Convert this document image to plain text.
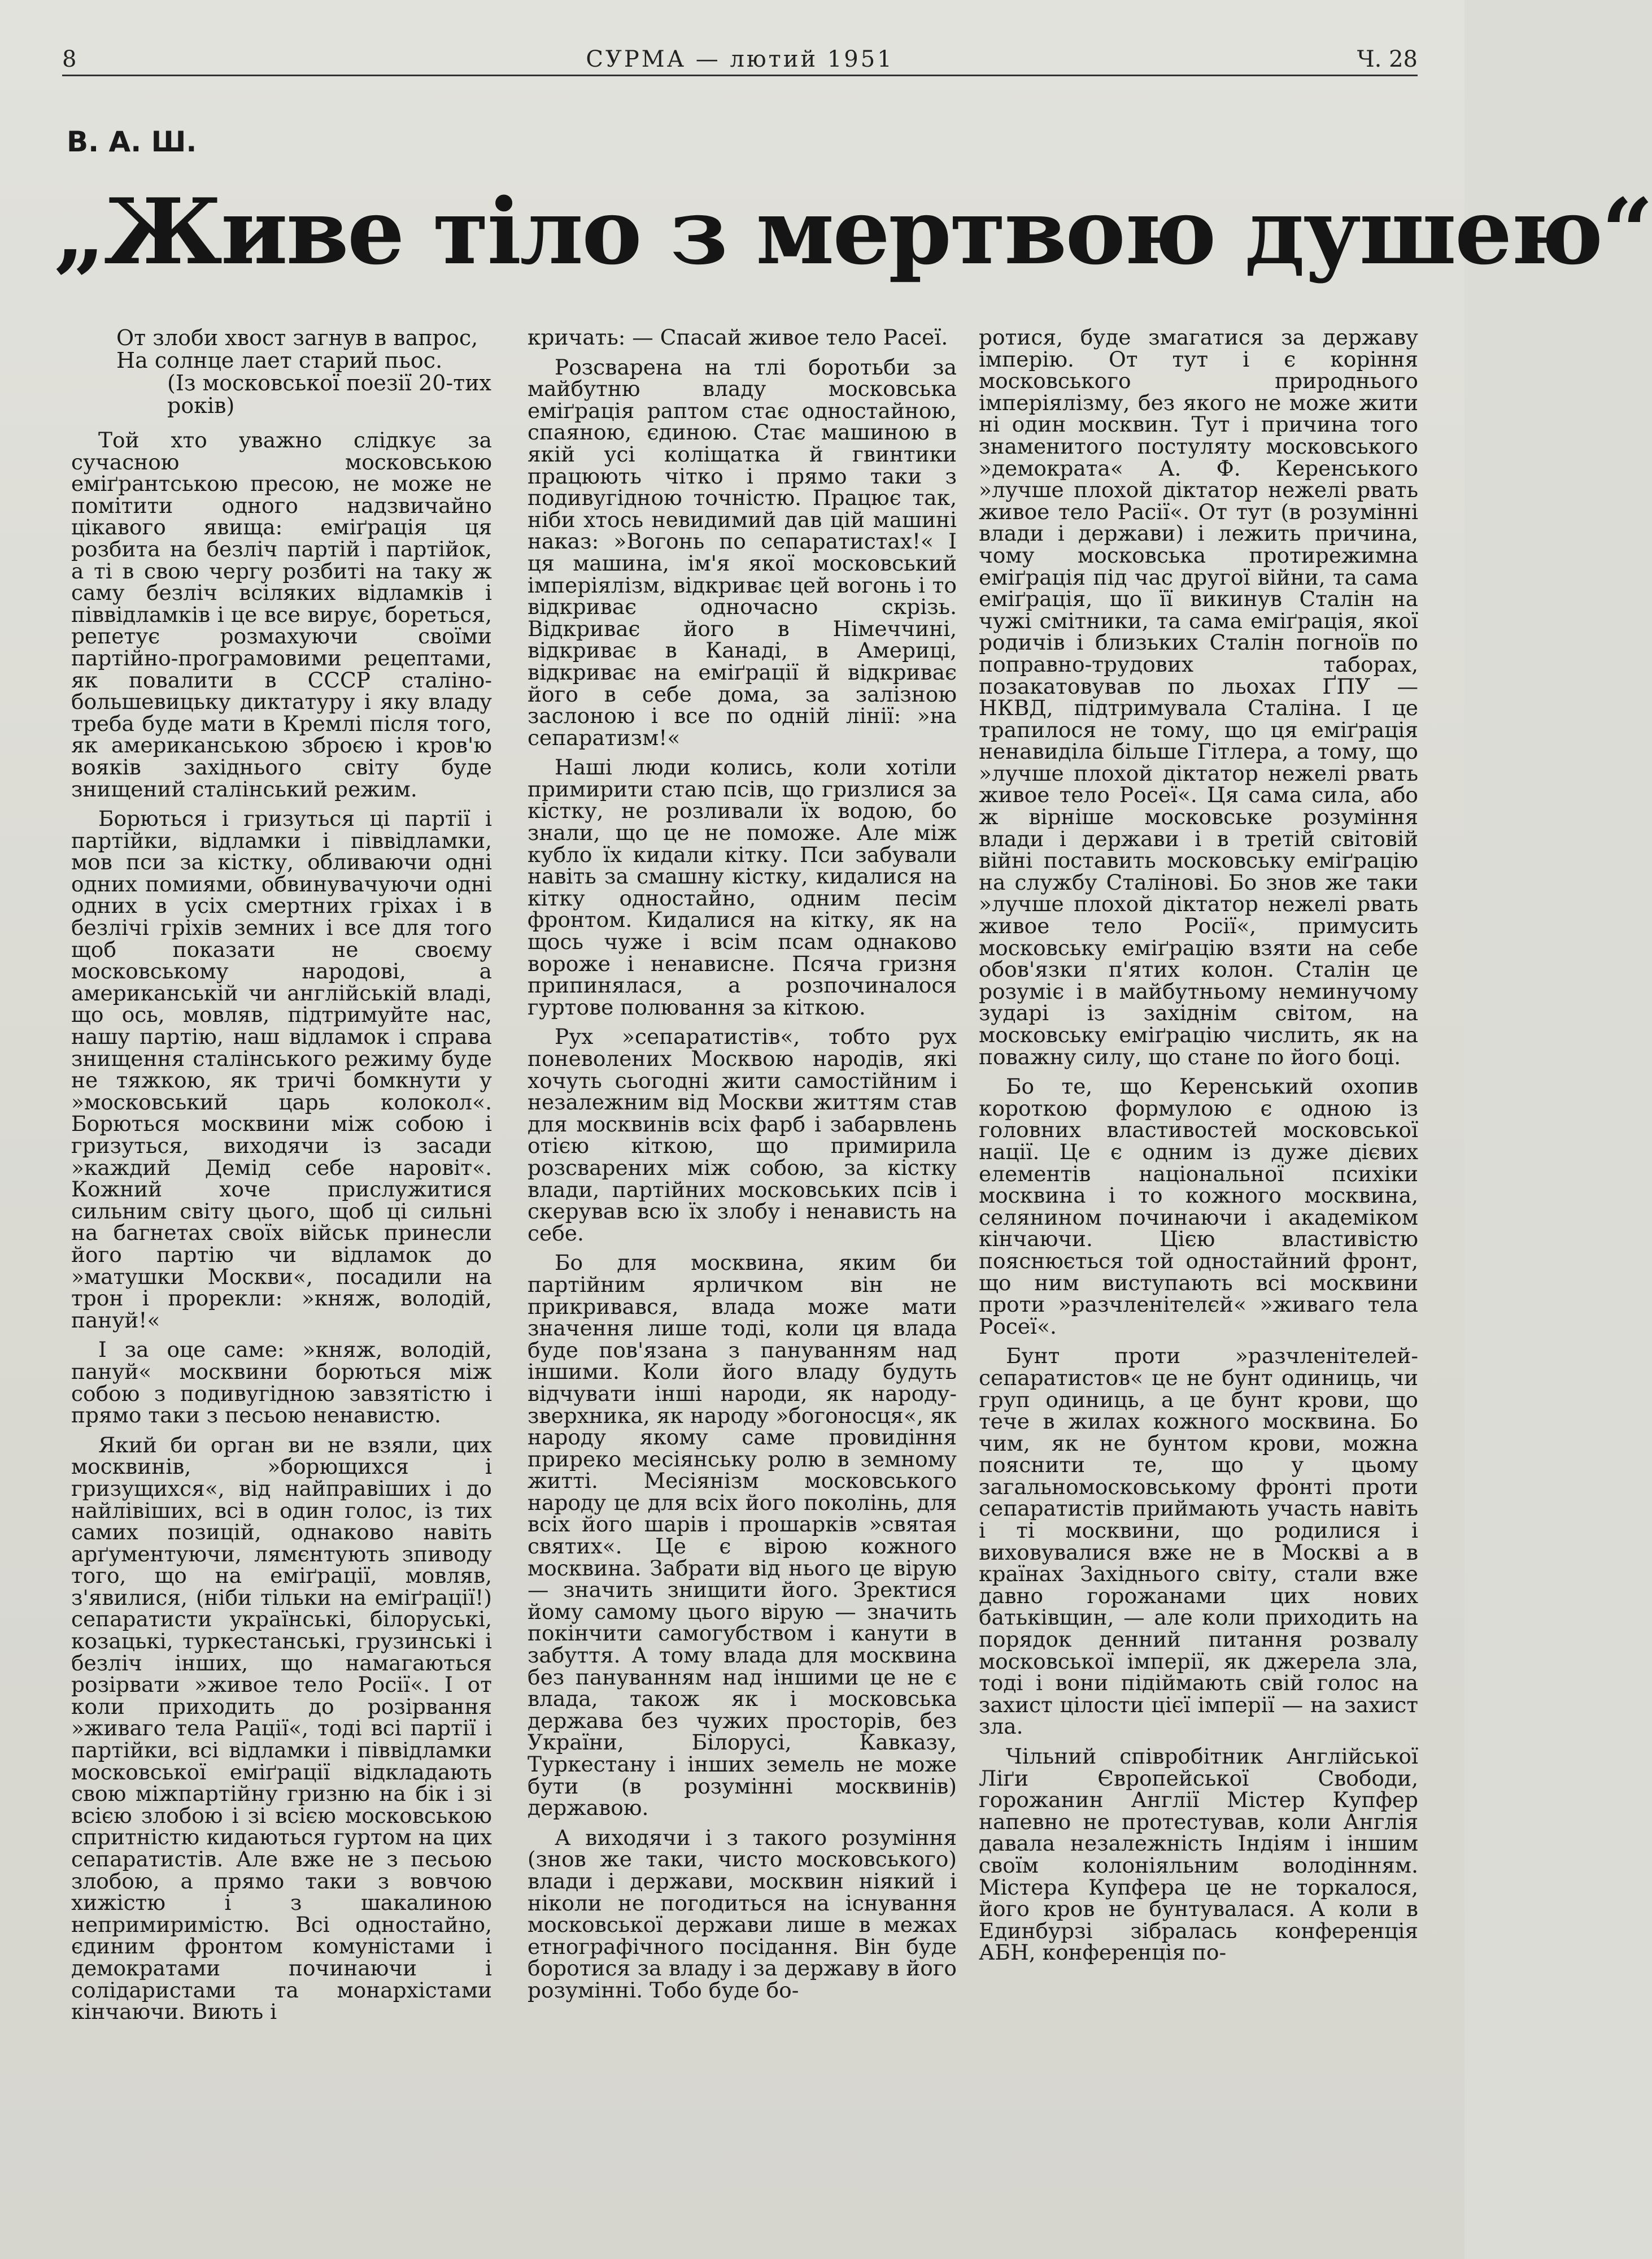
8	СУРМА — лютий 1951	Ч. 28
В. А. Ш.
„Живе тіло з мертвою душею“
От злоби хвост загнув в вапрос,
На солнце лает старий пьос.
(Із московської поезії 20-тих років)

Той хто уважно слідкує за сучасною московською еміґрантською пресою, не може не помітити одного надзвичайно цікавого явища: еміґрація ця розбита на безліч партій і партійок, а ті в свою чергу розбиті на таку ж саму безліч всіляких відламків і піввідламків і це все вирує, бореться, репетує розмахуючи своїми партійно-програмовими рецептами, як повалити в СССР сталіно-большевицьку диктатуру і яку владу треба буде мати в Кремлі після того, як американською зброєю і кров'ю вояків західнього світу буде знищений сталінський режим.

Борються і гризуться ці партії і партійки, відламки і піввідламки, мов пси за кістку, обливаючи одні одних помиями, обвинувачуючи одні одних в усіх смертних гріхах і в безлічі гріхів земних і все для того щоб показати не своєму московському народові, а американській чи англійській владі, що ось, мовляв, підтримуйте нас, нашу партію, наш відламок і справа знищення сталінського режиму буде не тяжкою, як тричі бомкнути у »московський царь колокол«. Борються москвини між собою і гризуться, виходячи із засади »каждий Демід себе наровіт«. Кожний хоче прислужитися сильним світу цього, щоб ці сильні на багнетах своїх військ принесли його партію чи відламок до »матушки Москви«, посадили на трон і прорекли: »княж, володій, пануй!«

І за оце саме: »княж, володій, пануй« москвини борються між собою з подивугідною завзятістю і прямо таки з песьою ненавистю.

Який би орган ви не взяли, цих москвинів, »борющихся і гризущихся«, від найправіших і до найлівіших, всі в один голос, із тих самих позицій, однаково навіть арґументуючи, лямєнтують зпиводу того, що на еміґрації, мовляв, з'явилися, (ніби тільки на еміґрації!) сепаратисти українські, білоруські, козацькі, туркестанські, грузинські і безліч інших, що намагаються розірвати »живое тело Росії«. І от коли приходить до розірвання »живаго тела Рації«, тоді всі партії і партійки, всі відламки і піввідламки московської еміґрації відкладають свою міжпартійну гризню на бік і зі всією злобою і зі всією московською спритністю кидаються гуртом на цих сепаратистів. Але вже не з песьою злобою, а прямо таки з вовчою хижістю і з шакалиною непримиримістю. Всі одностайно, єдиним фронтом комуністами і демократами починаючи і солідаристами та монархістами кінчаючи. Виють і

кричать: — Спасай живое тело Расеї.

Розсварена на тлі боротьби за майбутню владу московська еміґрація раптом стає одностайною, спаяною, єдиною. Стає машиною в якій усі коліщатка й гвинтики працюють чітко і прямо таки з подивугідною точністю. Працює так, ніби хтось невидимий дав цій машині наказ: »Вогонь по сепаратистах!« І ця машина, ім'я якої московський імперіялізм, відкриває цей вогонь і то відкриває одночасно скрізь. Відкриває його в Німеччині, відкриває в Канаді, в Америці, відкриває на еміґрації й відкриває його в себе дома, за залізною заслоною і все по одній лінії: »на сепаратизм!«

Наші люди колись, коли хотіли примирити стаю псів, що гризлися за кістку, не розливали їх водою, бо знали, що це не поможе. Але між кубло їх кидали кітку. Пси забували навіть за смашну кістку, кидалися на кітку одностайно, одним песім фронтом. Кидалися на кітку, як на щось чуже і всім псам однаково вороже і ненависне. Псяча гризня припинялася, а розпочиналося гуртове полювання за кіткою.

Рух »сепаратистів«, тобто рух поневолених Москвою народів, які хочуть сьогодні жити самостійним і незалежним від Москви життям став для москвинів всіх фарб і забарвлень отією кіткою, що примирила розсварених між собою, за кістку влади, партійних московських псів і скерував всю їх злобу і ненависть на себе.

Бо для москвина, яким би партійним ярличком він не прикривався, влада може мати значення лише тоді, коли ця влада буде пов'язана з пануванням над іншими. Коли його владу будуть відчувати інші народи, як народу-зверхника, як народу »богоносця«, як народу якому саме провидіння приреко месіянську ролю в земному житті. Месіянізм московського народу це для всіх його поколінь, для всіх його шарів і прошарків »святая святих«. Це є вірою кожного москвина. Забрати від нього це вірую — значить знищити його. Зректися йому самому цього вірую — значить покінчити самогубством і канути в забуття. А тому влада для москвина без пануванням над іншими це не є влада, також як і московська держава без чужих просторів, без України, Білорусі, Кавказу, Туркестану і інших земель не може бути (в розумінні москвинів) державою.

А виходячи і з такого розуміння (знов же таки, чисто московського) влади і держави, москвин ніякий і ніколи не погодиться на існування московської держави лише в межах етнографічного посідання. Він буде боротися за владу і за державу в його розумінні. Тобо буде бо-

ротися, буде змагатися за державу імперію. От тут і є коріння московського природнього імперіялізму, без якого не може жити ні один москвин. Тут і причина того знаменитого постуляту московського »демократа« А. Ф. Керенського »лучше плохой діктатор нежелі рвать живое тело Расії«. От тут (в розумінні влади і держави) і лежить причина, чому московська протирежимна еміґрація під час другої війни, та сама еміґрація, що її викинув Сталін на чужі смітники, та сама еміґрація, якої родичів і близьких Сталін погноїв по поправно-трудових таборах, позакатовував по льохах ҐПУ — НКВД, підтримувала Сталіна. І це трапилося не тому, що ця еміґрація ненавиділа більше Гітлера, а тому, що »лучше плохой діктатор нежелі рвать живое тело Росеї«. Ця сама сила, або ж вірніше московське розуміння влади і держави і в третій світовій війні поставить московську еміґрацію на службу Сталінові. Бо знов же таки »лучше плохой діктатор нежелі рвать живое тело Росії«, примусить московську еміґрацію взяти на себе обов'язки п'ятих колон. Сталін це розуміє і в майбутньому неминучому зударі із західнім світом, на московську еміґрацію числить, як на поважну силу, що стане по його боці.

Бо те, що Керенський охопив короткою формулою є одною із головних властивостей московської нації. Це є одним із дуже дієвих елементів національної психіки москвина і то кожного москвина, селянином починаючи і академіком кінчаючи. Цією властивістю пояснюється той одностайний фронт, що ним виступають всі москвини проти »разчленітелєй« »живаго тела Росеї«.

Бунт проти »разчленітелей-сепаратистов« це не бунт одиниць, чи груп одиниць, а це бунт крови, що тече в жилах кожного москвина. Бо чим, як не бунтом крови, можна пояснити те, що у цьому загальномосковському фронті проти сепаратистів приймають участь навіть і ті москвини, що родилися і виховувалися вже не в Москві а в країнах Західнього світу, стали вже давно горожанами цих нових батьківщин, — але коли приходить на порядок денний питання розвалу московської імперії, як джерела зла, тоді і вони підіймають свій голос на захист цілости цієї імперії — на захист зла.

Чільний співробітник Англійської Ліґи Європейської Свободи, горожанин Англії Містер Купфер напевно не протестував, коли Англія давала незалежність Індіям і іншим своїм колоніяльним володінням. Містера Купфера це не торкалося, його кров не бунтувалася. А коли в Единбурзі зібралась конференція АБН, конференція по-
